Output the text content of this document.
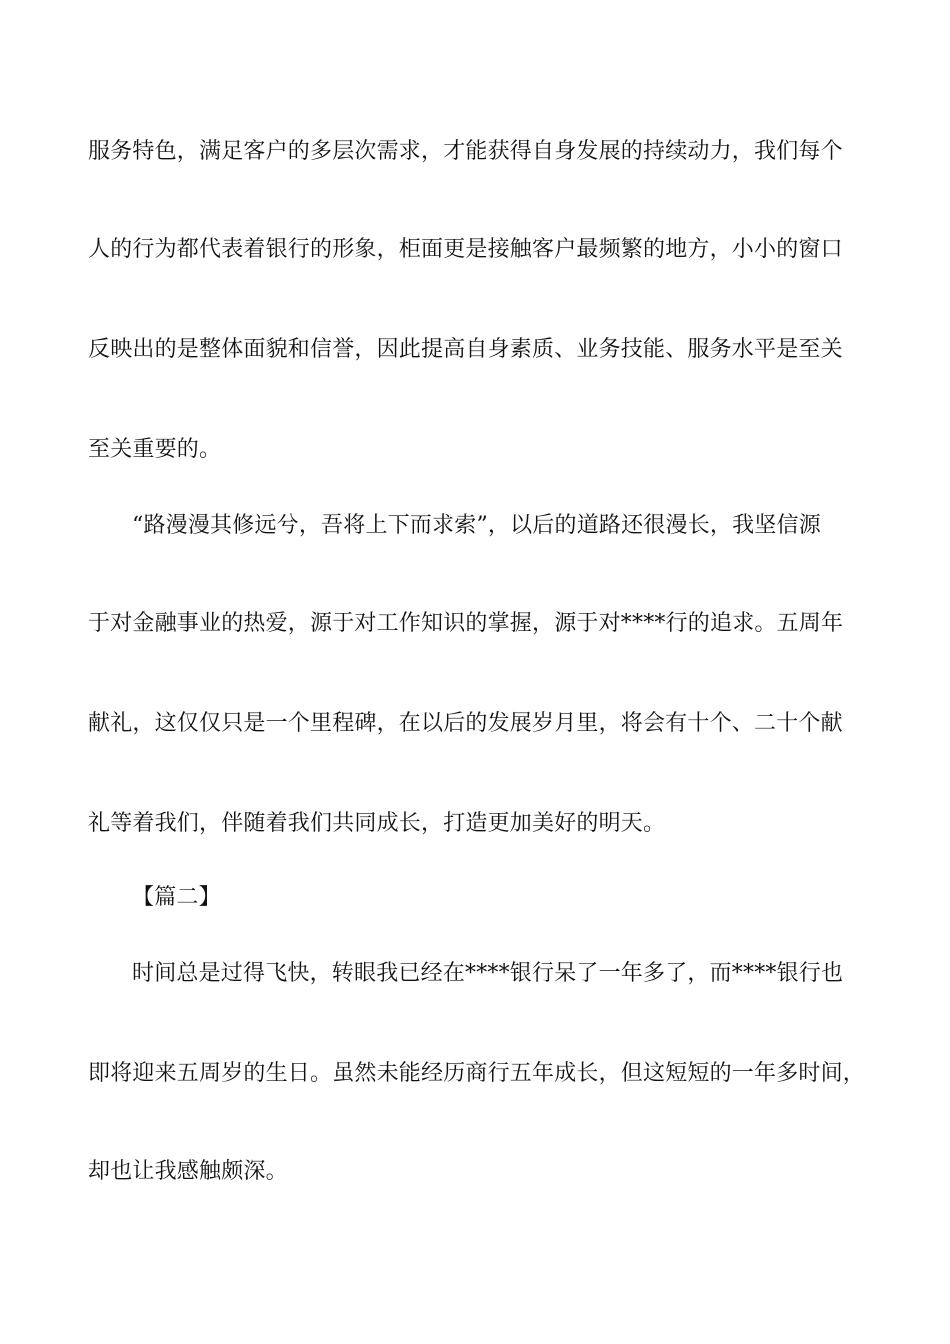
服务特色，满足客户的多层次需求，才能获得自身发展的持续动力，我们每个
人的行为都代表着银行的形象，柜面更是接触客户最频繁的地方，小小的窗口
反映出的是整体面貌和信誉，因此提高自身素质、业务技能、服务水平是至关
至关重要的。
“路漫漫其修远兮，吾将上下而求索”，以后的道路还很漫长，我坚信源
于对金融事业的热爱，源于对工作知识的掌握，源于对****行的追求。五周年
献礼，这仅仅只是一个里程碑，在以后的发展岁月里，将会有十个、二十个献
礼等着我们，伴随着我们共同成长，打造更加美好的明天。
【篇二】
时间总是过得飞快，转眼我已经在****银行呆了一年多了，而****银行也
即将迎来五周岁的生日。虽然未能经历商行五年成长，但这短短的一年多时间，
却也让我感触颇深。
